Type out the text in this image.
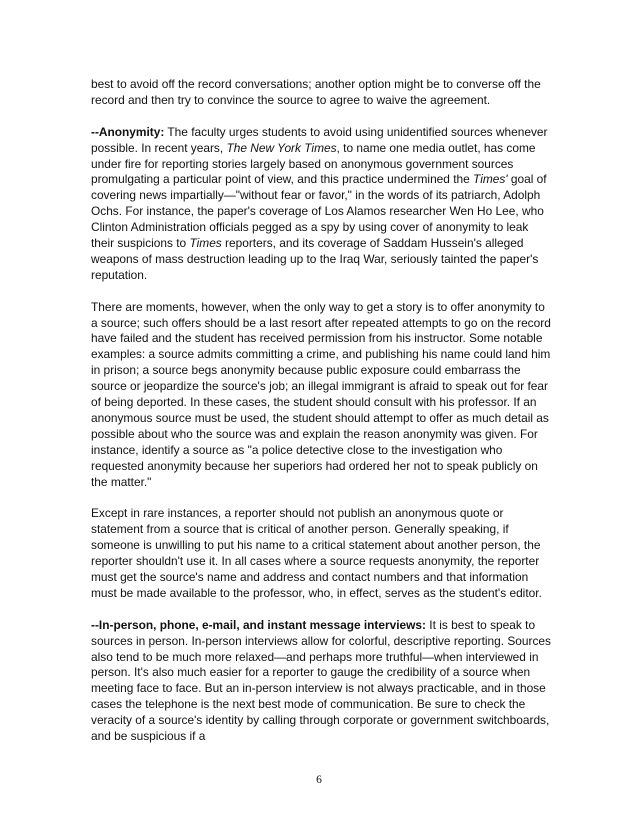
best to avoid off the record conversations; another option might be to converse off the record and then try to convince the source to agree to waive the agreement.

--Anonymity: The faculty urges students to avoid using unidentified sources whenever possible. In recent years, The New York Times, to name one media outlet, has come under fire for reporting stories largely based on anonymous government sources promulgating a particular point of view, and this practice undermined the Times' goal of covering news impartially—"without fear or favor," in the words of its patriarch, Adolph Ochs. For instance, the paper's coverage of Los Alamos researcher Wen Ho Lee, who Clinton Administration officials pegged as a spy by using cover of anonymity to leak their suspicions to Times reporters, and its coverage of Saddam Hussein's alleged weapons of mass destruction leading up to the Iraq War, seriously tainted the paper's reputation.

There are moments, however, when the only way to get a story is to offer anonymity to a source; such offers should be a last resort after repeated attempts to go on the record have failed and the student has received permission from his instructor. Some notable examples: a source admits committing a crime, and publishing his name could land him in prison; a source begs anonymity because public exposure could embarrass the source or jeopardize the source's job; an illegal immigrant is afraid to speak out for fear of being deported. In these cases, the student should consult with his professor. If an anonymous source must be used, the student should attempt to offer as much detail as possible about who the source was and explain the reason anonymity was given. For instance, identify a source as "a police detective close to the investigation who requested anonymity because her superiors had ordered her not to speak publicly on the matter."

Except in rare instances, a reporter should not publish an anonymous quote or statement from a source that is critical of another person. Generally speaking, if someone is unwilling to put his name to a critical statement about another person, the reporter shouldn't use it. In all cases where a source requests anonymity, the reporter must get the source's name and address and contact numbers and that information must be made available to the professor, who, in effect, serves as the student's editor.

--In-person, phone, e-mail, and instant message interviews: It is best to speak to sources in person. In-person interviews allow for colorful, descriptive reporting. Sources also tend to be much more relaxed—and perhaps more truthful—when interviewed in person. It's also much easier for a reporter to gauge the credibility of a source when meeting face to face. But an in-person interview is not always practicable, and in those cases the telephone is the next best mode of communication. Be sure to check the veracity of a source's identity by calling through corporate or government switchboards, and be suspicious if a

6
